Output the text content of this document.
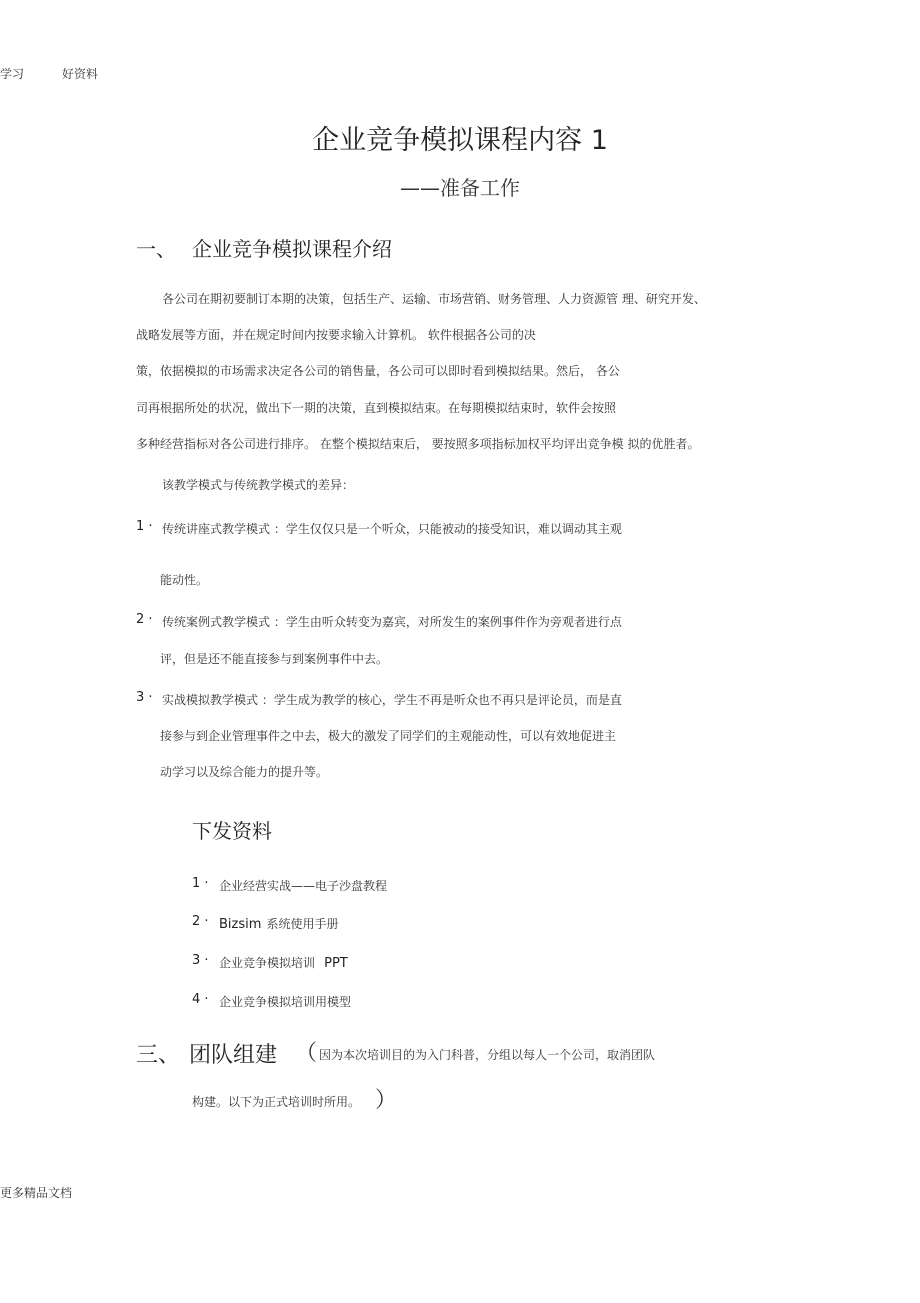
学习	好资料
企业竞争模拟课程内容 1
——准备工作
一、 企业竞争模拟课程介绍
各公司在期初要制订本期的决策，包括生产、运输、市场营销、财务管理、人力资源管 理、研究开发、
战略发展等方面，并在规定时间内按要求输入计算机。 软件根据各公司的决
策，依据模拟的市场需求决定各公司的销售量，各公司可以即时看到模拟结果。然后， 各公
司再根据所处的状况，做出下一期的决策，直到模拟结束。在每期模拟结束时，软件会按照
多种经营指标对各公司进行排序。 在整个模拟结束后， 要按照多项指标加权平均评出竞争模 拟的优胜者。
该教学模式与传统教学模式的差异：
1 · 传统讲座式教学模式 ：学生仅仅只是一个听众，只能被动的接受知识，难以调动其主观
能动性。
2 · 传统案例式教学模式 ：学生由听众转变为嘉宾，对所发生的案例事件作为旁观者进行点
评，但是还不能直接参与到案例事件中去。
3 · 实战模拟教学模式 ：学生成为教学的核心，学生不再是听众也不再只是评论员，而是直
接参与到企业管理事件之中去，极大的激发了同学们的主观能动性，可以有效地促进主
动学习以及综合能力的提升等。
下发资料
1 · 企业经营实战——电子沙盘教程
2 · Bizsim 系统使用手册
3 · 企业竞争模拟培训 PPT
4 · 企业竞争模拟培训用模型
三、 团队组建 （ 因为本次培训目的为入门科普，分组以每人一个公司，取消团队
构建。以下为正式培训时所用。 ）
更多精品文档
